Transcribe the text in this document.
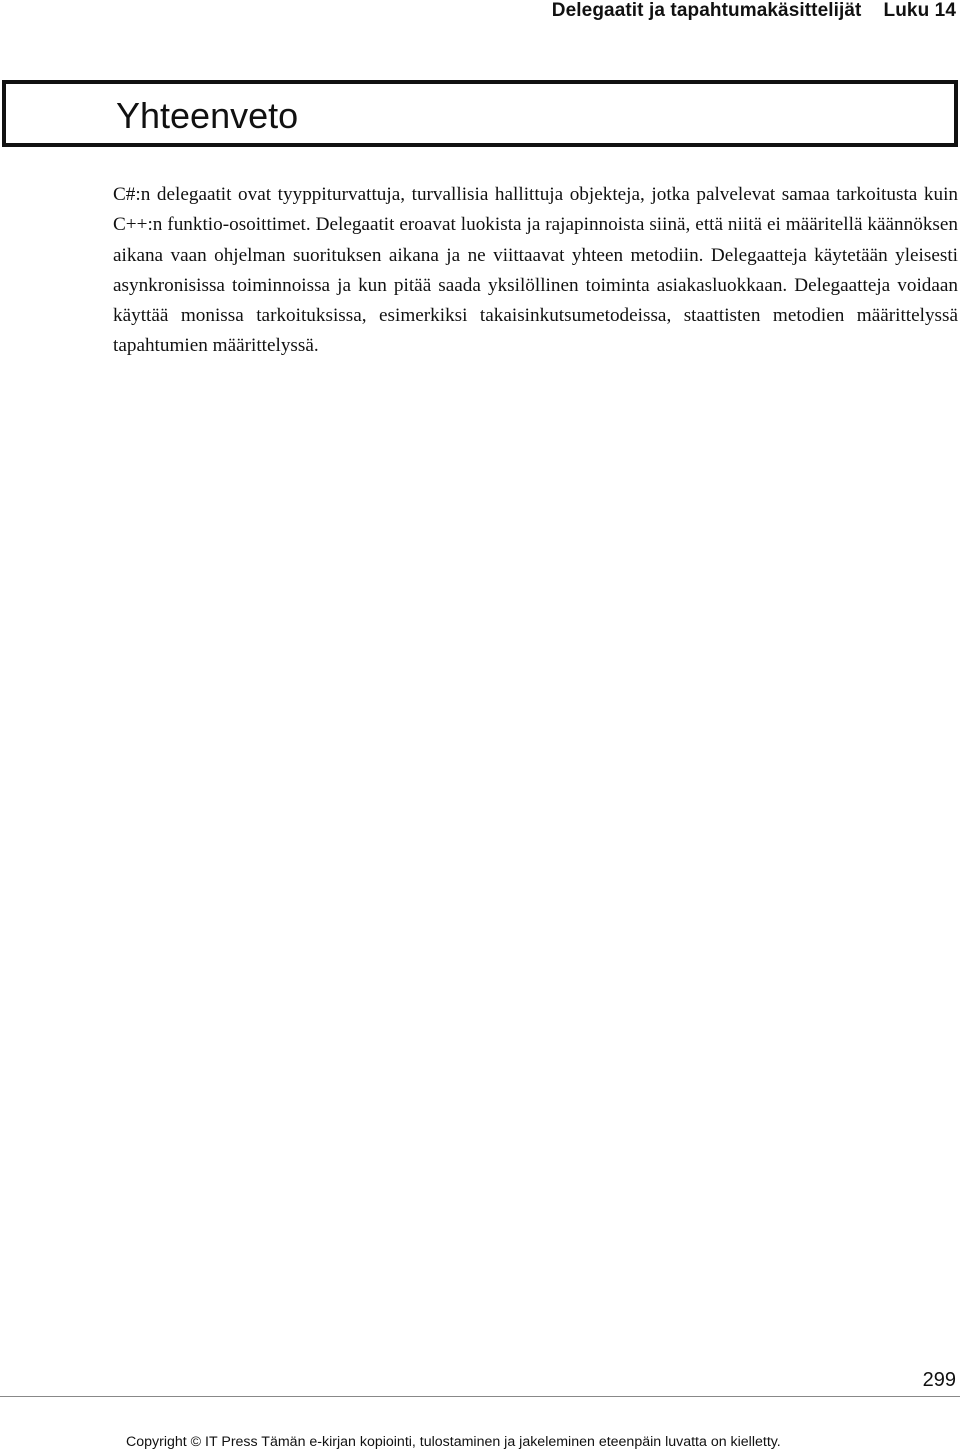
Delegaatit ja tapahtumakäsittelijät Luku 14
Yhteenveto

C#:n delegaatit ovat tyyppiturvattuja, turvallisia hallittuja objekteja, jotka palvelevat samaa tarkoitusta kuin C++:n funktio-osoittimet. Delegaatit eroavat luokista ja rajapinnoista siinä, että niitä ei määritellä käännöksen aikana vaan ohjelman suorituksen aikana ja ne viittaavat yhteen metodiin. Delegaatteja käytetään yleisesti asynkronisissa toiminnoissa ja kun pitää saada yksilöllinen toiminta asiakasluokkaan. Delegaatteja voidaan käyttää monissa tarkoituksissa, esimerkiksi takaisinkutsumetodeissa, staattisten metodien määrittelyssä tapahtumien määrittelyssä.

299
Copyright © IT Press Tämän e-kirjan kopiointi, tulostaminen ja jakeleminen eteenpäin luvatta on kielletty.
